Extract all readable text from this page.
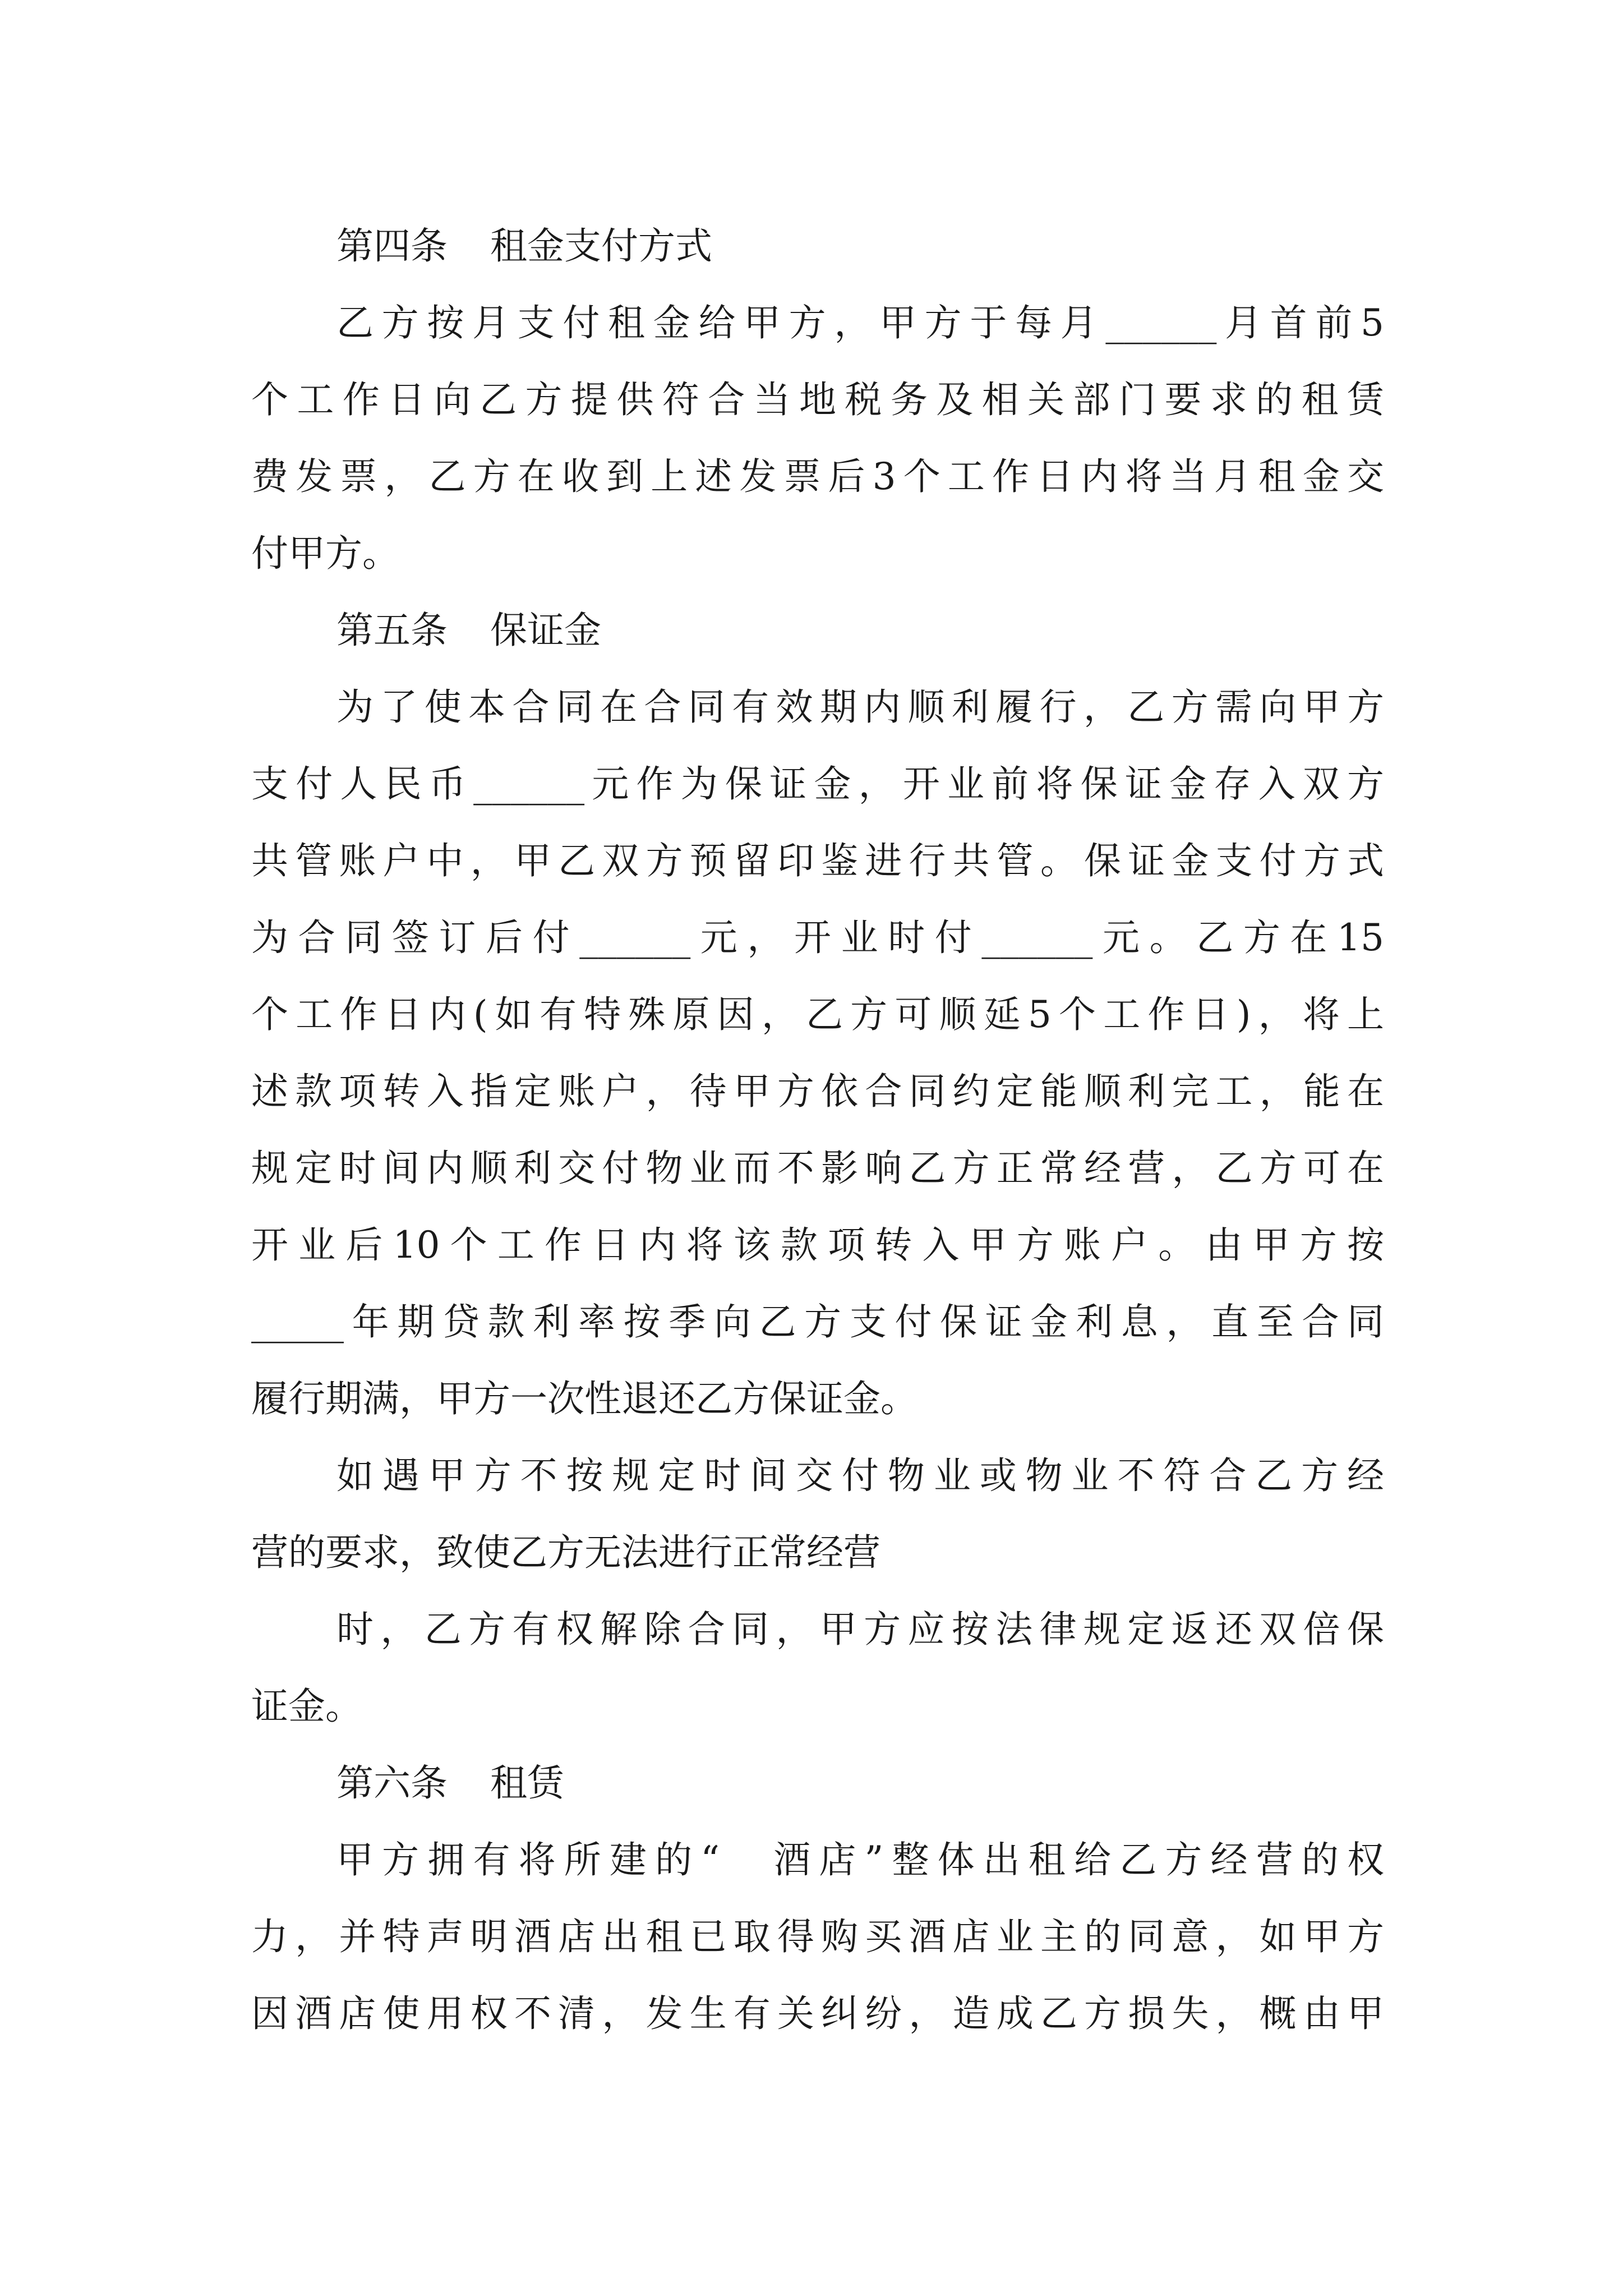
第四条 租金支付方式
乙方按月支付租金给甲方，甲方于每月______月首前5
个工作日向乙方提供符合当地税务及相关部门要求的租赁
费发票，乙方在收到上述发票后3个工作日内将当月租金交
付甲方。
第五条 保证金
为了使本合同在合同有效期内顺利履行，乙方需向甲方
支付人民币______元作为保证金，开业前将保证金存入双方
共管账户中，甲乙双方预留印鉴进行共管。保证金支付方式
为合同签订后付______元，开业时付______元。乙方在15
个工作日内(如有特殊原因，乙方可顺延5个工作日)，将上
述款项转入指定账户，待甲方依合同约定能顺利完工，能在
规定时间内顺利交付物业而不影响乙方正常经营，乙方可在
开业后10个工作日内将该款项转入甲方账户。由甲方按
_____年期贷款利率按季向乙方支付保证金利息，直至合同
履行期满，甲方一次性退还乙方保证金。
如遇甲方不按规定时间交付物业或物业不符合乙方经
营的要求，致使乙方无法进行正常经营
时，乙方有权解除合同，甲方应按法律规定返还双倍保
证金。
第六条 租赁
甲方拥有将所建的“　酒店”整体出租给乙方经营的权
力，并特声明酒店出租已取得购买酒店业主的同意，如甲方
因酒店使用权不清，发生有关纠纷，造成乙方损失，概由甲
